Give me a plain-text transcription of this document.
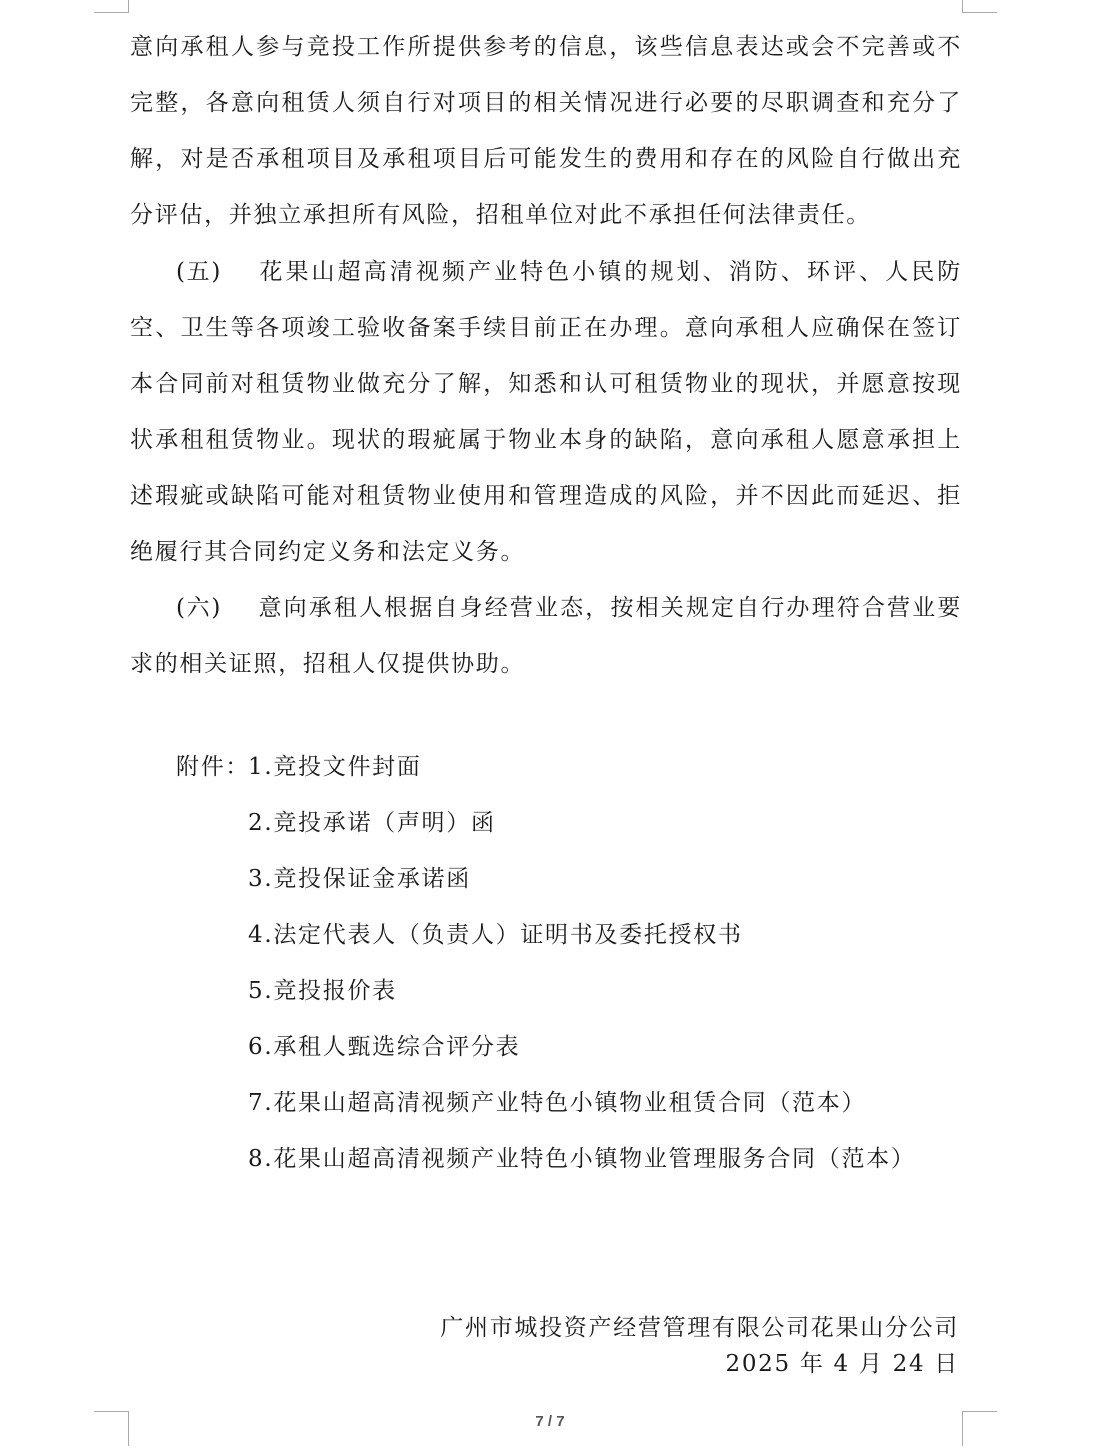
意向承租人参与竞投工作所提供参考的信息，该些信息表达或会不完善或不完整，各意向租赁人须自行对项目的相关情况进行必要的尽职调查和充分了解，对是否承租项目及承租项目后可能发生的费用和存在的风险自行做出充分评估，并独立承担所有风险，招租单位对此不承担任何法律责任。

(五) 花果山超高清视频产业特色小镇的规划、消防、环评、人民防空、卫生等各项竣工验收备案手续目前正在办理。意向承租人应确保在签订本合同前对租赁物业做充分了解，知悉和认可租赁物业的现状，并愿意按现状承租租赁物业。现状的瑕疵属于物业本身的缺陷，意向承租人愿意承担上述瑕疵或缺陷可能对租赁物业使用和管理造成的风险，并不因此而延迟、拒绝履行其合同约定义务和法定义务。

(六) 意向承租人根据自身经营业态，按相关规定自行办理符合营业要求的相关证照，招租人仅提供协助。

附件：
1.竞投文件封面
2.竞投承诺（声明）函
3.竞投保证金承诺函
4.法定代表人（负责人）证明书及委托授权书
5.竞投报价表
6.承租人甄选综合评分表
7.花果山超高清视频产业特色小镇物业租赁合同（范本）
8.花果山超高清视频产业特色小镇物业管理服务合同（范本）
广州市城投资产经营管理有限公司花果山分公司
2025 年 4 月 24 日
7 / 7
